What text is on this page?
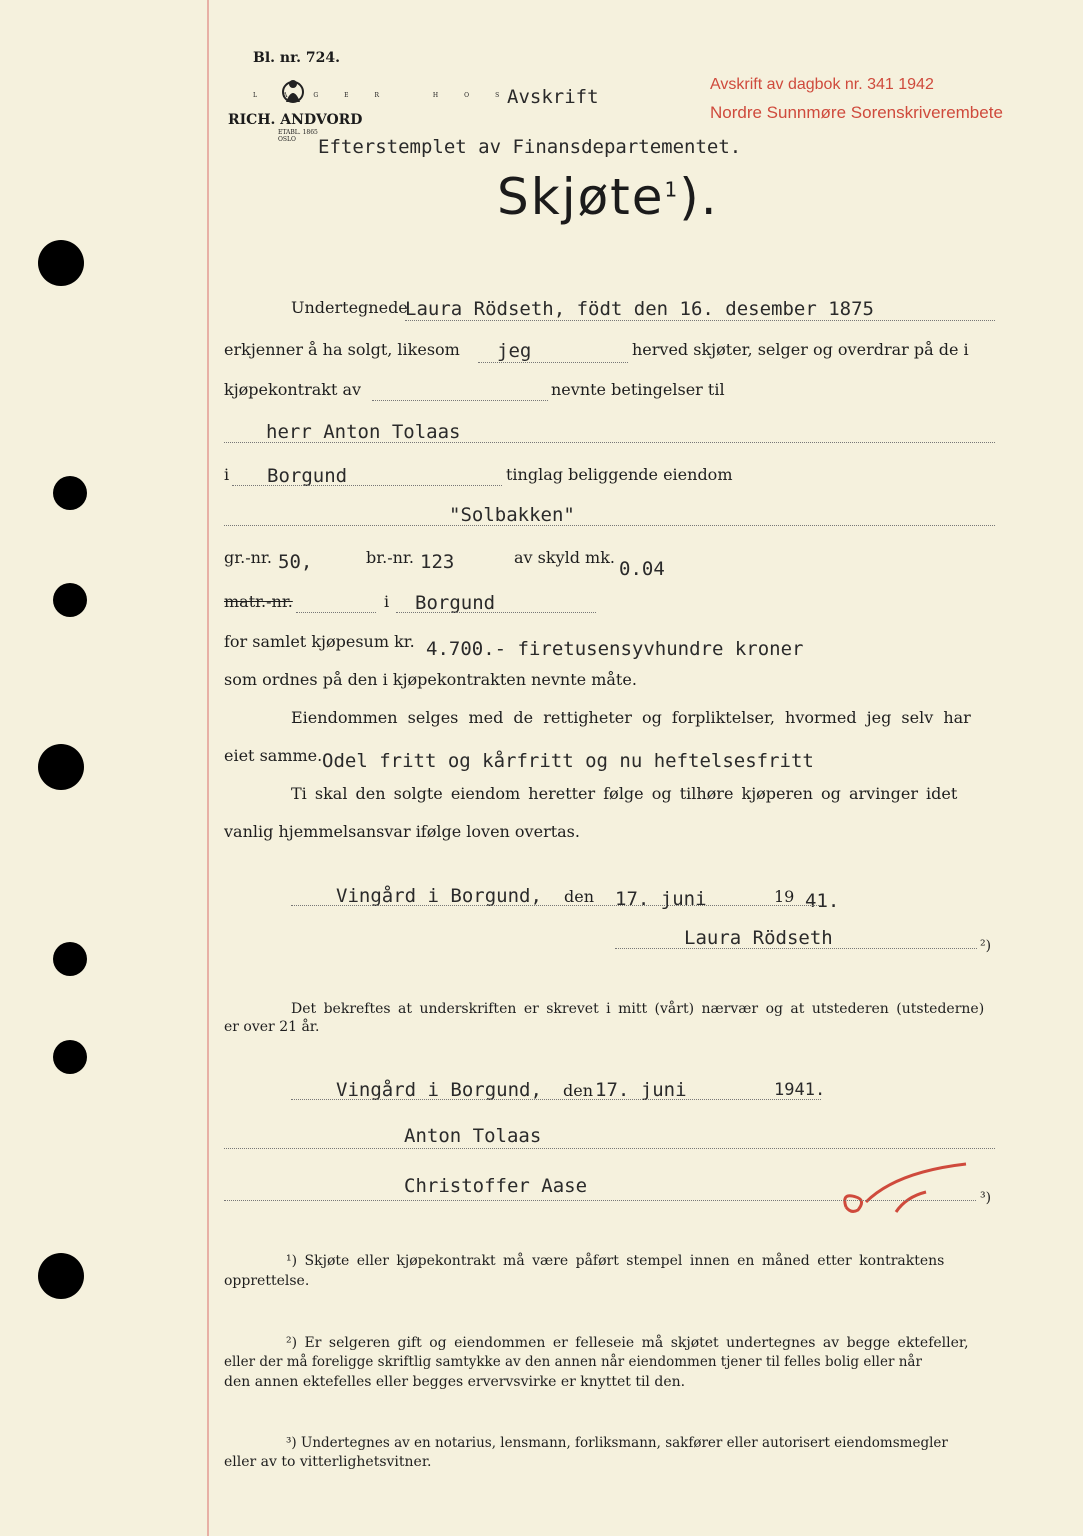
Bl. nr. 724.
LAGER HOS
RICH. ANDVORD
ETABL. 1865
OSLO
Avskrift av dagbok nr. 341 1942
Nordre Sunnmøre Sorenskriverembete
Avskrift
Efterstemplet av Finansdepartementet.
Skjøte$^1$).
Undertegnede
Laura Rödseth, födt den 16. desember 1875
erkjenner å ha solgt, likesom jeg	herved skjøter, selger og overdrar på de i
kjøpekontrakt av	nevnte betingelser til
herr Anton Tolaas
i Borgund	tinglag beliggende eiendom
"Solbakken"
gr.-nr. 50,	br.-nr. 123	av skyld mk.
0.04
matr.-nr.	i Borgund
for samlet kjøpesum kr. 4.700.- firetusensyvhundre kroner
som ordnes på den i kjøpekontrakten nevnte måte.
Eiendommen selges med de rettigheter og forpliktelser, hvormed jeg selv har
eiet samme. Odel fritt og kårfritt og nu heftelsesfritt
Ti skal den solgte eiendom heretter følge og tilhøre kjøperen og arvinger idet
vanlig hjemmelsansvar ifølge loven overtas.
Vingård i Borgund, den 17. juni	19 41.
Laura Rödseth	²)
Det bekreftes at underskriften er skrevet i mitt (vårt) nærvær og at utstederen (utstederne)
er over 21 år.
Vingård i Borgund, den 17. juni	1941.
Anton Tolaas
Christoffer Aase
³)
¹) Skjøte eller kjøpekontrakt må være påført stempel innen en måned etter kontraktens
opprettelse.
²) Er selgeren gift og eiendommen er felleseie må skjøtet undertegnes av begge ektefeller,
eller der må foreligge skriftlig samtykke av den annen når eiendommen tjener til felles bolig eller når
den annen ektefelles eller begges ervervsvirke er knyttet til den.
³) Undertegnes av en notarius, lensmann, forliksmann, sakfører eller autorisert eiendomsmegler
eller av to vitterlighetsvitner.
